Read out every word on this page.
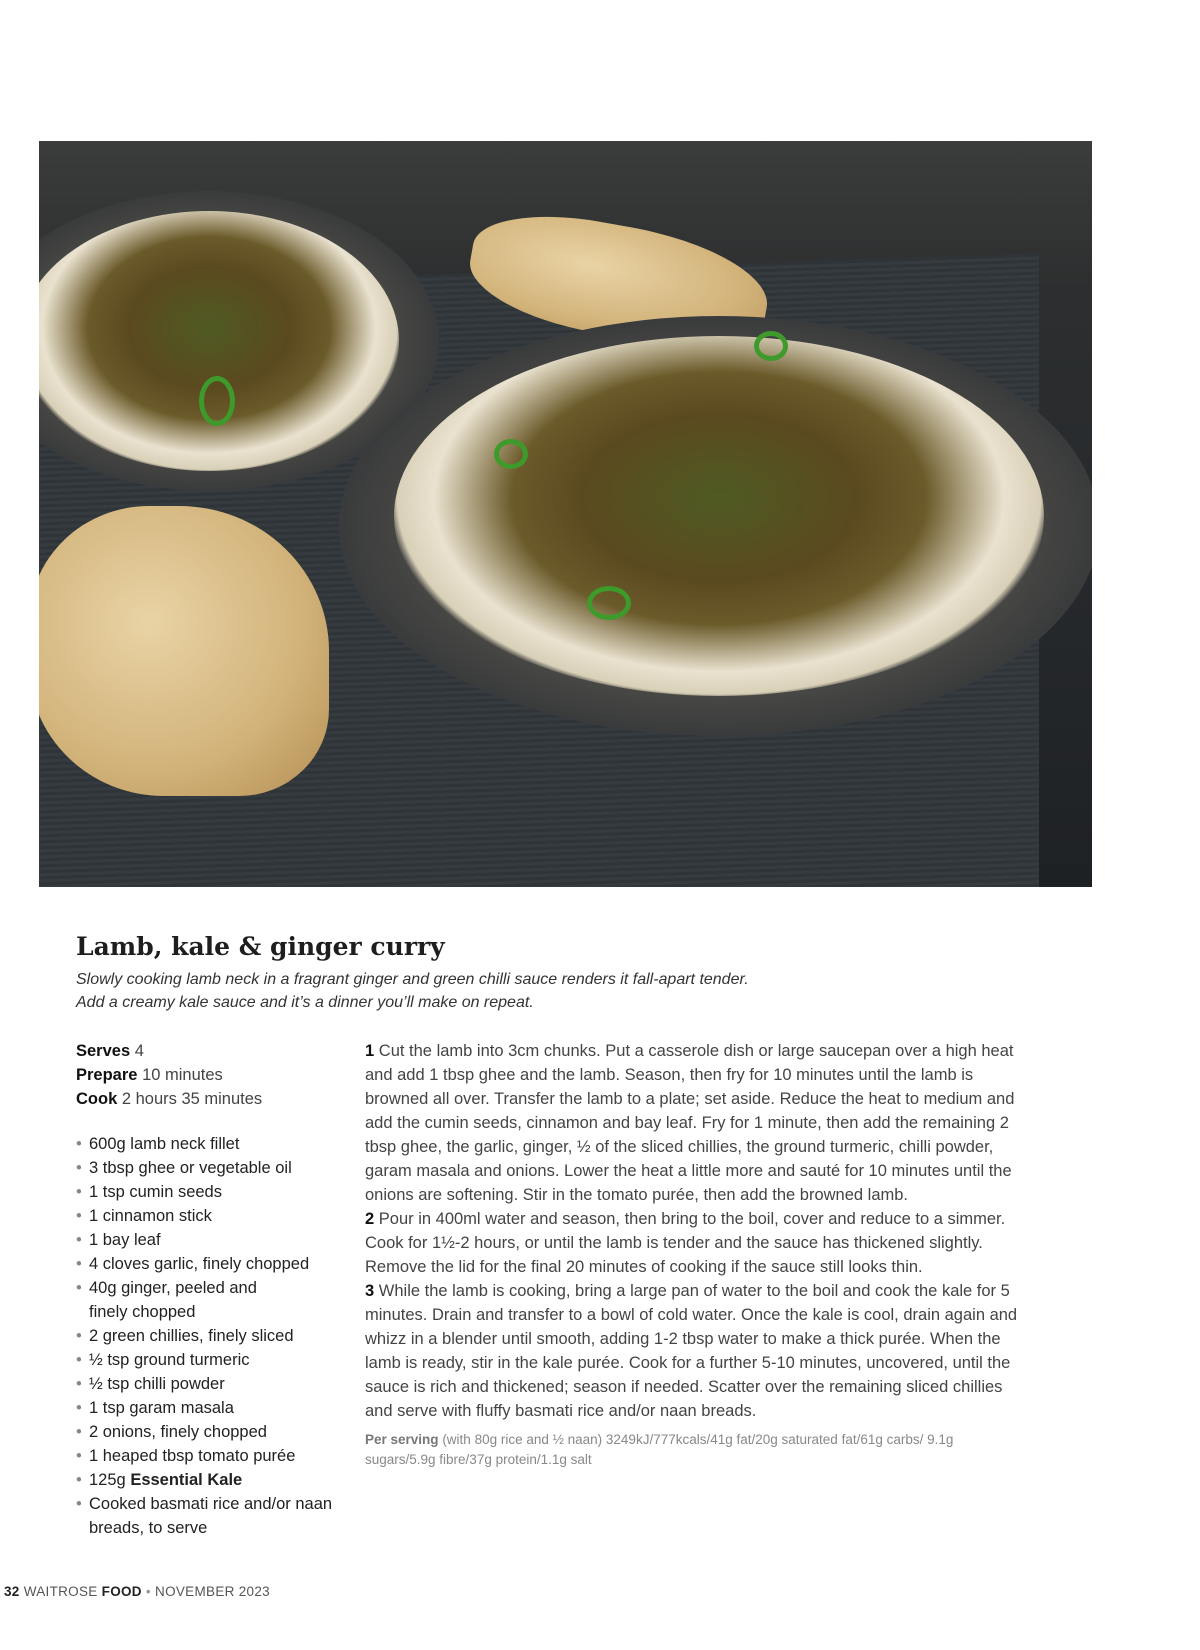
Lamb, kale & ginger curry
Slowly cooking lamb neck in a fragrant ginger and green chilli sauce renders it fall-apart tender.
Add a creamy kale sauce and it’s a dinner you’ll make on repeat.
Serves 4
Prepare 10 minutes
Cook 2 hours 35 minutes
• 600g lamb neck fillet
• 3 tbsp ghee or vegetable oil
• 1 tsp cumin seeds
• 1 cinnamon stick
• 1 bay leaf
• 4 cloves garlic, finely chopped
• 40g ginger, peeled and finely chopped
• 2 green chillies, finely sliced
• ½ tsp ground turmeric
• ½ tsp chilli powder
• 1 tsp garam masala
• 2 onions, finely chopped
• 1 heaped tbsp tomato purée
• 125g Essential Kale
• Cooked basmati rice and/or naan breads, to serve

1 Cut the lamb into 3cm chunks. Put a casserole dish or large saucepan over a high heat and add 1 tbsp ghee and the lamb. Season, then fry for 10 minutes until the lamb is browned all over. Transfer the lamb to a plate; set aside. Reduce the heat to medium and add the cumin seeds, cinnamon and bay leaf. Fry for 1 minute, then add the remaining 2 tbsp ghee, the garlic, ginger, ½ of the sliced chillies, the ground turmeric, chilli powder, garam masala and onions. Lower the heat a little more and sauté for 10 minutes until the onions are softening. Stir in the tomato purée, then add the browned lamb.

2 Pour in 400ml water and season, then bring to the boil, cover and reduce to a simmer. Cook for 1½-2 hours, or until the lamb is tender and the sauce has thickened slightly. Remove the lid for the final 20 minutes of cooking if the sauce still looks thin.

3 While the lamb is cooking, bring a large pan of water to the boil and cook the kale for 5 minutes. Drain and transfer to a bowl of cold water. Once the kale is cool, drain again and whizz in a blender until smooth, adding 1-2 tbsp water to make a thick purée. When the lamb is ready, stir in the kale purée. Cook for a further 5-10 minutes, uncovered, until the sauce is rich and thickened; season if needed. Scatter over the remaining sliced chillies and serve with fluffy basmati rice and/or naan breads.

Per serving (with 80g rice and ½ naan) 3249kJ/777kcals/41g fat/20g saturated fat/61g carbs/ 9.1g sugars/5.9g fibre/37g protein/1.1g salt
32 WAITROSE FOOD • NOVEMBER 2023
